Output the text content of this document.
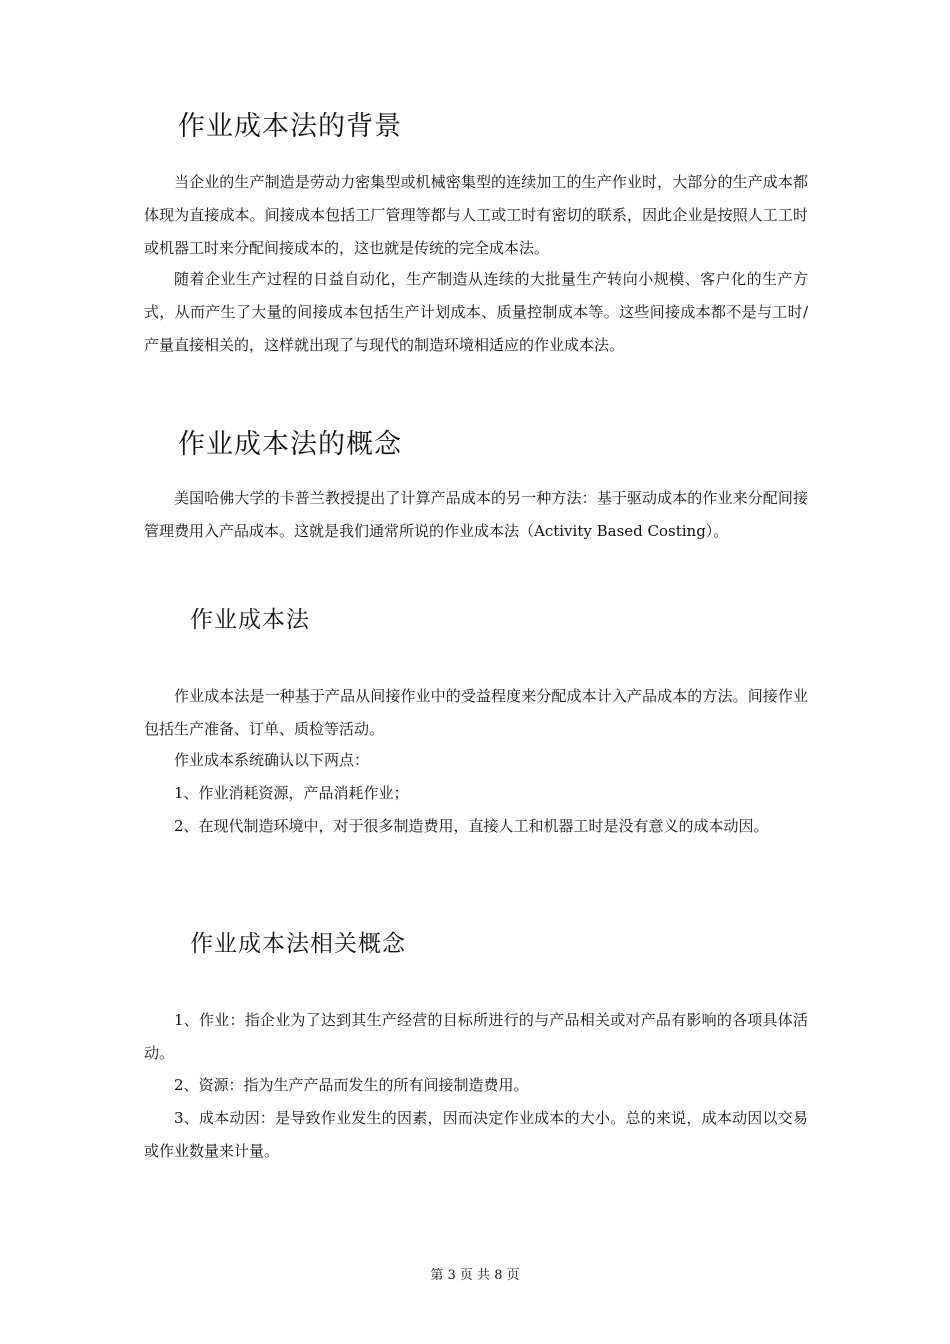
作业成本法的背景

当企业的生产制造是劳动力密集型或机械密集型的连续加工的生产作业时，大部分的生产成本都体现为直接成本。间接成本包括工厂管理等都与人工或工时有密切的联系，因此企业是按照人工工时或机器工时来分配间接成本的，这也就是传统的完全成本法。

随着企业生产过程的日益自动化，生产制造从连续的大批量生产转向小规模、客户化的生产方式，从而产生了大量的间接成本包括生产计划成本、质量控制成本等。这些间接成本都不是与工时/产量直接相关的，这样就出现了与现代的制造环境相适应的作业成本法。

作业成本法的概念

美国哈佛大学的卡普兰教授提出了计算产品成本的另一种方法：基于驱动成本的作业来分配间接管理费用入产品成本。这就是我们通常所说的作业成本法（Activity Based Costing）。

作业成本法

作业成本法是一种基于产品从间接作业中的受益程度来分配成本计入产品成本的方法。间接作业包括生产准备、订单、质检等活动。

作业成本系统确认以下两点：

1、作业消耗资源，产品消耗作业；

2、在现代制造环境中，对于很多制造费用，直接人工和机器工时是没有意义的成本动因。

作业成本法相关概念

1、作业：指企业为了达到其生产经营的目标所进行的与产品相关或对产品有影响的各项具体活动。

2、资源：指为生产产品而发生的所有间接制造费用。

3、成本动因：是导致作业发生的因素，因而决定作业成本的大小。总的来说，成本动因以交易或作业数量来计量。

第 3 页 共 8 页
